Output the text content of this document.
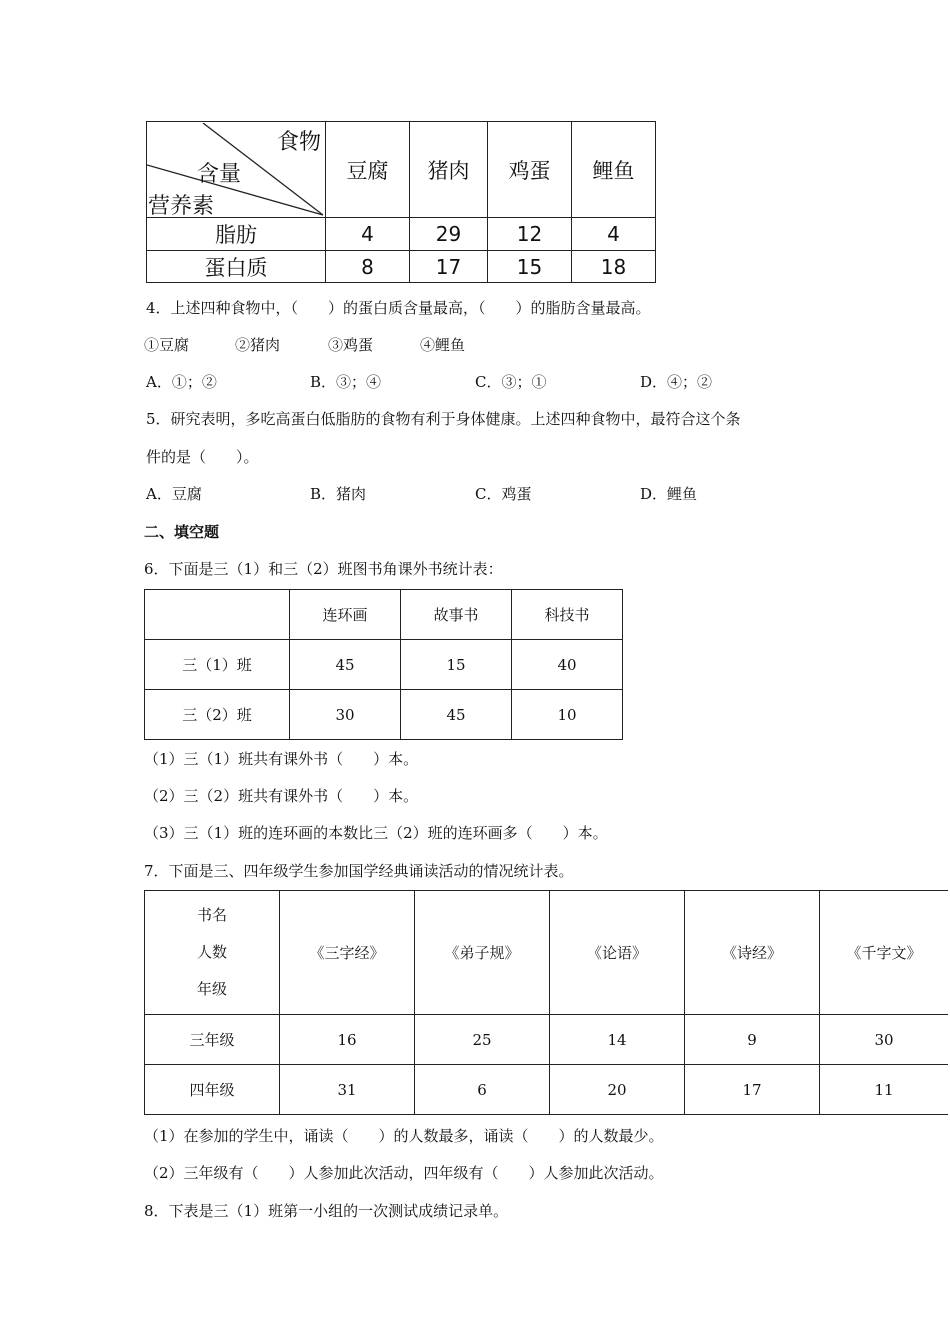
食物
含量
营养素	豆腐	猪肉	鸡蛋	鲤鱼
脂肪	4	29	12	4
蛋白质	8	17	15	18
4．上述四种食物中，（　　）的蛋白质含量最高，（　　）的脂肪含量最高。
①豆腐	②猪肉	③鸡蛋	④鲤鱼
A．①；②	B．③；④	C．③；①	D．④；②
5．研究表明，多吃高蛋白低脂肪的食物有利于身体健康。上述四种食物中，最符合这个条
件的是（　　）。
A．豆腐	B．猪肉	C．鸡蛋	D．鲤鱼
二、填空题
6．下面是三（1）和三（2）班图书角课外书统计表：
	连环画	故事书	科技书
三（1）班	45	15	40
三（2）班	30	45	10
（1）三（1）班共有课外书（　　）本。
（2）三（2）班共有课外书（　　）本。
（3）三（1）班的连环画的本数比三（2）班的连环画多（　　）本。
7．下面是三、四年级学生参加国学经典诵读活动的情况统计表。
书名
人数
年级	《三字经》	《弟子规》	《论语》	《诗经》	《千字文》
三年级	16	25	14	9	30
四年级	31	6	20	17	11
（1）在参加的学生中，诵读（　　）的人数最多，诵读（　　）的人数最少。
（2）三年级有（　　）人参加此次活动，四年级有（　　）人参加此次活动。
8．下表是三（1）班第一小组的一次测试成绩记录单。
